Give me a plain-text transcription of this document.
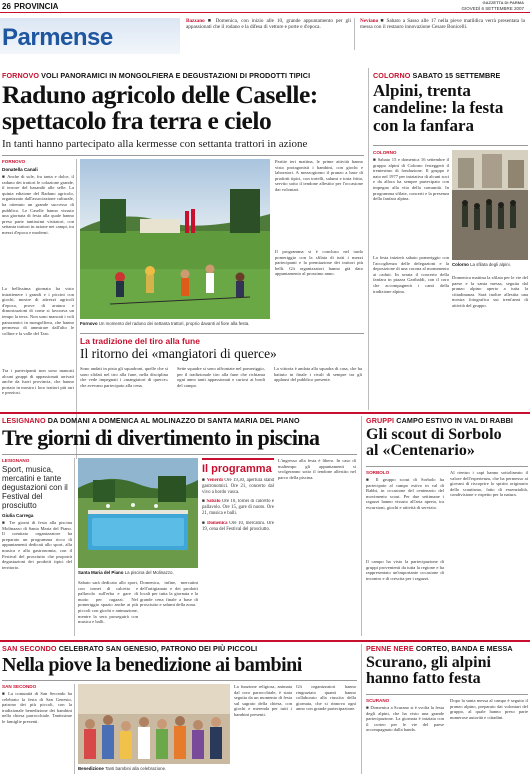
26 PROVINCIA	GAZZETTA DI PARMA
GIOVEDÌ 6 SETTEMBRE 2007
Parmense
Bazzano ■ Domenica, con inizio alle 10, grande appuntamento per gli appassionati che il rodano e la difesa di vetture e porte e d'epoca.
Neviano ■ Sabato a Sasso alle 17 nella pieve matildica verrà presentata la messa con il restauro innovazione Cesare Bonicelli.
FORNOVO VOLI PANORAMICI IN MONGOLFIERA E DEGUSTAZIONI DI PRODOTTI TIPICI
Raduno agricolo delle Caselle:
spettacolo fra terra e cielo
In tanti hanno partecipato alla kermesse con settanta trattori in azione
FORNOVO
Donatella Canali
■ Anche di sole, fra tanta e dolce, il raduno dei trattori le colazione grande, il terrore del basandò alle selle. La quinta edizione del Raduno agricolo, organizzato dall'associazione culturale, ha ottenuto un grande successo di pubblico. Le Caselle hanno vissuto una giornata di festa alla quale hanno preso parte tantissimi visitatori, con settanta trattori in azione nei campi, tra mezzi d'epoca e moderni.
La bellissima giornata ha visto intrattenere i grandi e i piccini con giochi, mostre di attrezzi agricoli d'epoca, prove di aratura e dimostrazioni di come si lavorava un tempo la terra. Non sono mancati i voli panoramici in mongolfiera, che hanno permesso di ammirare dall'alto le colline e la valle del Taro.
Tra i partecipanti non sono mancati alcuni gruppi di appassionati arrivati anche da fuori provincia, che hanno portato in mostra i loro trattori più rari e preziosi.
Fornovo Un momento del raduno dei settanta trattori, proprio davanti al fiore alla festa.
Partite ieri mattina, le prime attività hanno visto protagonisti i bambini, con giochi e laboratori. A mezzogiorno il pranzo a base di prodotti tipici, con tortelli, salumi e torta fritta, servito sotto il tendone allestito per l'occasione dai volontari.
Il programma si è concluso nel tardo pomeriggio con la sfilata di tutti i mezzi partecipanti e la premiazione dei trattori più belli. Gli organizzatori hanno già dato appuntamento al prossimo anno.
La tradizione del tiro alla fune
Il ritorno dei «mangiatori di querce»
Sono andati in pista gli squadroni, quelle che si sono sfidati nel tiro alla fune, nella disciplina che vede impegnati i «mangiatori di querce» che avevano partecipato alla cena.
Sette squadre si sono affrontate nel pomeriggio, per il tradizionale tiro alla fune che richiama ogni anno tanti appassionati e curiosi ai bordi del campo.
La vittoria è andata alla squadra di casa, che ha battuto in finale i rivali di sempre tra gli applausi del pubblico presente.
COLORNO SABATO 15 SETTEMBRE
Alpini, trenta
candeline: la festa
con la fanfara
COLORNO
■ Sabato 15 e domenica 16 settembre il gruppo alpini di Colorno festeggerà il trentesimo di fondazione. Il gruppo è nato nel 1977 per iniziativa di alcuni soci e da allora ha sempre partecipato con impegno alla vita della comunità. In programma sfilate, concerti e la presenza della fanfara alpina.
La festa inizierà sabato pomeriggio con l'accoglienza delle delegazioni e la deposizione di una corona al monumento ai caduti. In serata il concerto della fanfara in piazza Garibaldi, con il coro che accompagnerà i canti della tradizione alpina.
Colorno La sfilata degli alpini.
Domenica mattina la sfilata per le vie del paese e la santa messa, seguita dal pranzo alpino aperto a tutta la cittadinanza. Sarà inoltre allestita una mostra fotografica sui trent'anni di attività del gruppo.
LESIGNANO DA DOMANI A DOMENICA AL MOLINAZZO DI SANTA MARIA DEL PIANO
Tre giorni di divertimento in piscina
LESIGNANO
Sport, musica, mercatini e tante degustazioni con il Festival del prosciutto
Giulia Carrega
■ Tre giorni di festa alla piscina Molinazzo di Santa Maria del Piano. Il comitato organizzatore ha preparato un programma ricco di appuntamenti dedicati allo sport, alla musica e alla gastronomia, con il Festival del prosciutto che proporrà degustazioni dei prodotti tipici del territorio.
Santa Maria del Piano La piscina del Molinazzo.
Sabato sarà dedicato allo sport, con tornei di calcetto e pallavolo sull'erba e gare di nuoto per ragazzi. Nel pomeriggio spazio anche ai più piccoli con giochi e animazione, mentre la sera proseguirà con musica e balli.
Domenica, infine, mercatini dell'artigianato e dei prodotti locali per tutta la giornata e la grande cena finale a base di prosciutto e salumi della zona.
Il programma
■ Venerdì Ore 19,30, apertura stand gastronomici. Ore 21, concerto dal vivo a bordo vasca.
■ Sabato Ore 10, tornei di calcetto e pallavolo. Ore 15, gare di nuoto. Ore 21, musica e balli.
■ Domenica Ore 10, mercatini. Ore 19, cena del Festival del prosciutto.
L'ingresso alla festa è libero. In caso di maltempo gli appuntamenti si svolgeranno sotto il tendone allestito nel parco della piscina.
GRUPPI CAMPO ESTIVO IN VAL DI RABBI
Gli scout di Sorbolo
al «Centenario»
SORBOLO
■ Il gruppo scout di Sorbolo ha partecipato al campo estivo in val di Rabbi, in occasione del centenario del movimento scout. Per due settimane i ragazzi hanno vissuto all'aria aperta, tra escursioni, giochi e attività di servizio.
Il campo ha visto la partecipazione di gruppi provenienti da tutta la regione e ha rappresentato un'importante occasione di incontro e di crescita per i ragazzi.
Al rientro i capi hanno sottolineato il valore dell'esperienza, che ha permesso ai giovani di riscoprire lo spirito originario dello scautismo, fatto di essenzialità, condivisione e rispetto per la natura.
SAN SECONDO CELEBRATO SAN GENESIO, PATRONO DEI PIÙ PICCOLI
Nella piove la benedizione ai bambini
SAN SECONDO
■ La comunità di San Secondo ha celebrato la festa di San Genesio, patrono dei più piccoli, con la tradizionale benedizione dei bambini nella chiesa parrocchiale. Tantissime le famiglie presenti.
Benedizione Tanti bambini alla celebrazione.
La funzione religiosa, animata dal coro parrocchiale, è stata seguita da un momento di festa sul sagrato della chiesa, con giochi e merenda per tutti i bambini presenti.
Gli organizzatori hanno ringraziato quanti hanno collaborato alla riuscita della giornata, che si rinnova ogni anno con grande partecipazione.
PENNE NERE CORTEO, BANDA E MESSA
Scurano, gli alpini
hanno fatto festa
SCURANO
■ Domenica a Scurano si è svolta la festa degli alpini, che ha visto una grande partecipazione. La giornata è iniziata con il corteo per le vie del paese accompagnato dalla banda.
Dopo la santa messa al campo è seguito il pranzo alpino, preparato dai volontari del gruppo, al quale hanno preso parte numerose autorità e cittadini.
